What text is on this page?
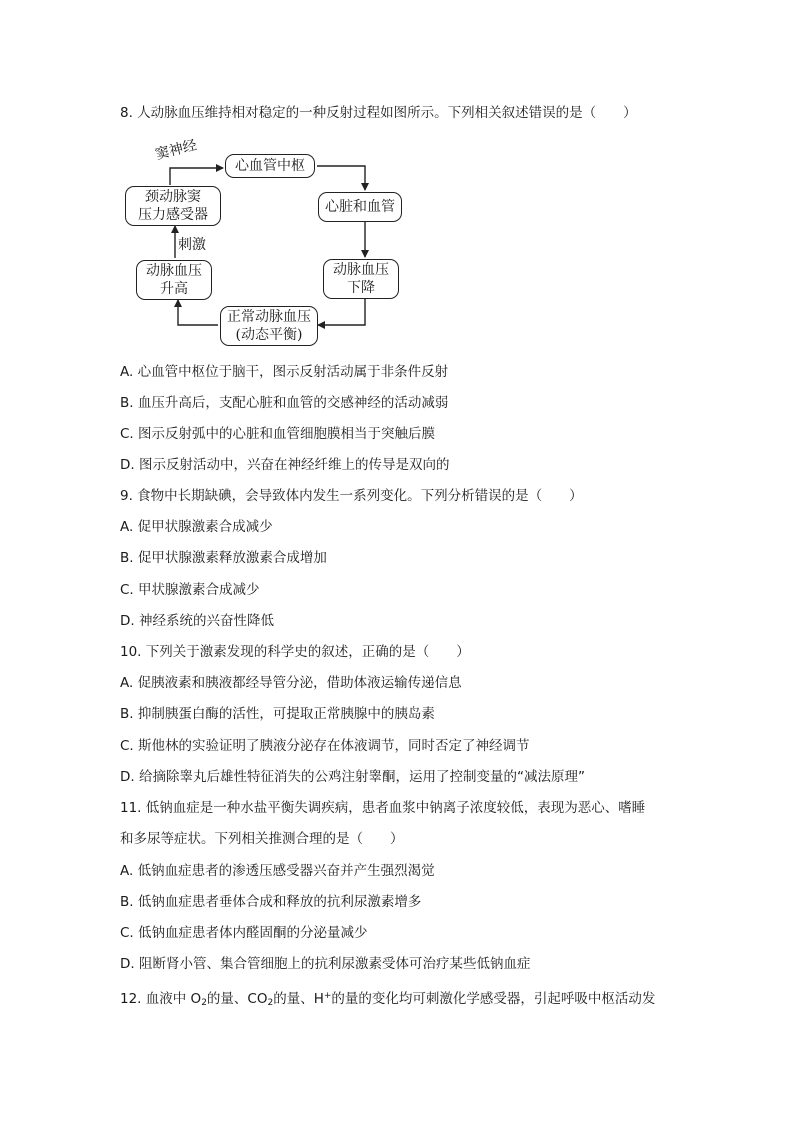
8. 人动脉血压维持相对稳定的一种反射过程如图所示。下列相关叙述错误的是（　　）
心血管中枢
心脏和血管
动脉血压
下降
正常动脉血压
(动态平衡)
动脉血压
升高
颈动脉窦
压力感受器
窦神经
刺激
A. 心血管中枢位于脑干，图示反射活动属于非条件反射
B. 血压升高后，支配心脏和血管的交感神经的活动减弱
C. 图示反射弧中的心脏和血管细胞膜相当于突触后膜
D. 图示反射活动中，兴奋在神经纤维上的传导是双向的
9. 食物中长期缺碘，会导致体内发生一系列变化。下列分析错误的是（　　）
A. 促甲状腺激素合成减少
B. 促甲状腺激素释放激素合成增加
C. 甲状腺激素合成减少
D. 神经系统的兴奋性降低
10. 下列关于激素发现的科学史的叙述，正确的是（　　）
A. 促胰液素和胰液都经导管分泌，借助体液运输传递信息
B. 抑制胰蛋白酶的活性，可提取正常胰腺中的胰岛素
C. 斯他林的实验证明了胰液分泌存在体液调节，同时否定了神经调节
D. 给摘除睾丸后雄性特征消失的公鸡注射睾酮，运用了控制变量的“减法原理”
11. 低钠血症是一种水盐平衡失调疾病，患者血浆中钠离子浓度较低，表现为恶心、嗜睡
和多尿等症状。下列相关推测合理的是（　　）
A. 低钠血症患者的渗透压感受器兴奋并产生强烈渴觉
B. 低钠血症患者垂体合成和释放的抗利尿激素增多
C. 低钠血症患者体内醛固酮的分泌量减少
D. 阻断肾小管、集合管细胞上的抗利尿激素受体可治疗某些低钠血症
12. 血液中 $O_2$的量、$CO_2$的量、H+的量的变化均可刺激化学感受器，引起呼吸中枢活动发
